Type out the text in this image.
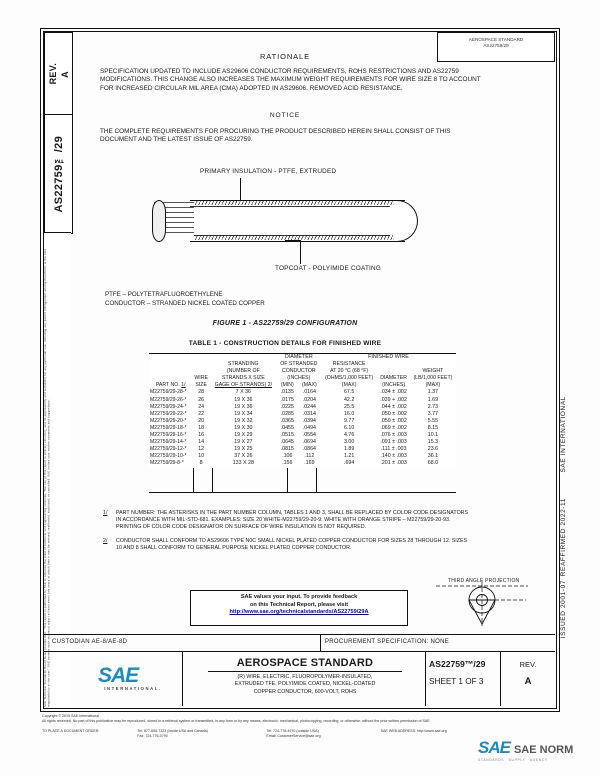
REV. A
AS22759™/29
SAE Technical Standards Board Rules provide that: “This report is published by SAE to advance the state of technical and engineering sciences. The use of this report is entirely voluntary, and its applicability and suitability for any particular use, including any patent infringement arising therefrom, is the sole responsibility of the user.” SAE reviews each technical report at least every five years at which time it may be revised, reaffirmed, stabilized, or cancelled. SAE invites your written comments and suggestions.	SAE INTERNATIONAL
REAFFIRMED 2022-11
ISSUED 2001-07
AEROSPACE STANDARD
AS22759/29
RATIONALE
SPECIFICATION UPDATED TO INCLUDE AS29606 CONDUCTOR REQUIREMENTS, ROHS RESTRICTIONS AND AS22759 MODIFICATIONS. THIS CHANGE ALSO INCREASES THE MAXIMUM WEIGHT REQUIREMENTS FOR WIRE SIZE 8 TO ACCOUNT FOR INCREASED CIRCULAR MIL AREA (CMA) ADOPTED IN AS29606. REMOVED ACID RESISTANCE.
NOTICE
THE COMPLETE REQUIREMENTS FOR PROCURING THE PRODUCT DESCRIBED HEREIN SHALL CONSIST OF THIS DOCUMENT AND THE LATEST ISSUE OF AS22759.
PRIMARY INSULATION - PTFE, EXTRUDED
TOPCOAT - POLYIMIDE COATING
PTFE – POLYTETRAFLUOROETHYLENE
CONDUCTOR – STRANDED NICKEL COATED COPPER
FIGURE 1 - AS22759/29 CONFIGURATION
TABLE 1 - CONSTRUCTION DETAILS FOR FINISHED WIRE
			DIAMETER		FINISHED WIRE		
		STRANDING
(NUMBER OF
STRANDS X SIZE
GAGE OF STRANDS) 2/	OF STRANDED		RESISTANCE
AT 20 °C (68 °F)		
			CONDUCTOR				WEIGHT
(LB/1,000 FEET)
	WIRE		(INCHES)		(OHMS/1,000 FEET)	DIAMETER	
PART NO. 1/	SIZE		(MIN)	(MAX)	(MAX)	(INCHES)	(MAX)
M22759/29-28-*	28	7 X 36	.0135	.0164	67.5	.034 ± .002	1.37
M22759/29-26-*	26	19 X 36	.0175	.0204	42.2	.039 + .002	1.69
M22759/29-24-*	24	19 X 36	.0225	.0244	25.5	.044 ± .002	2.73
M22759/29-22-*	22	19 X 34	.0285	.0314	16.0	.050 ± .002	3.77
M22759/29-20-*	20	19 X 32	.0365	.0394	9.77	.059 ± .002	5.55
M22759/29-18-*	18	19 X 30	.0455	.0494	6.10	.069 ± .002	8.15
M22759/29-16-*	16	19 X 29	.0515	.0554	4.76	.076 ± .003	10.1
M22759/29-14-*	14	19 X 27	.0645	.0694	3.00	.091 ± .003	15.3
M22759/29-12-*	12	19 X 25	.0815	.0864	1.89	.111 ± .003	23.6
M22759/29-10-*	10	37 X 26	.106	.112	1.21	.140 ± .003	36.1
M22759/29-8-*	8	133 X 28	.156	.169	.694	.201 ± .003	68.0
1/	PART NUMBER: THE ASTERISKS IN THE PART NUMBER COLUMN, TABLES 1 AND 3, SHALL BE REPLACED BY COLOR CODE DESIGNATORS IN ACCORDANCE WITH MIL-STD-681. EXAMPLES: SIZE 20 WHITE-M22759/29-20-9; WHITE WITH ORANGE STRIPE – M22759/29-20-93. PRINTING OF COLOR CODE DESIGNATOR ON SURFACE OF WIRE INSULATION IS NOT REQUIRED.
2/	CONDUCTOR SHALL CONFORM TO AS29606 TYPE N0C SMALL NICKEL PLATED COPPER CONDUCTOR FOR SIZES 28 THROUGH 12. SIZES 10 AND 8 SHALL CONFORM TO GENERAL PURPOSE NICKEL PLATED COPPER CONDUCTOR.
SAE values your input. To provide feedback
on this Technical Report, please visit
http://www.sae.org/technicalstandards/AS22759/29A
THIRD ANGLE PROJECTION
CUSTODIAN AE-8/AE-8D	PROCUREMENT SPECIFICATION: NONE
SAE
INTERNATIONAL.
AEROSPACE STANDARD
(R) WIRE, ELECTRIC, FLUOROPOLYMER-INSULATED,
EXTRUDED TFE, POLYIMIDE COATED, NICKEL-COATED
COPPER CONDUCTOR, 600-VOLT, ROHS
AS22759™/29
SHEET 1 OF 3
REV.
A
Copyright © 2015 SAE International
All rights reserved. No part of this publication may be reproduced, stored in a retrieval system or transmitted, in any form or by any means, electronic, mechanical, photocopying, recording, or otherwise, without the prior written permission of SAE.
TO PLACE A DOCUMENT ORDER:	Tel: 877-606-7323 (inside USA and Canada)
Fax: 724-776-0790
Tel: 724-776-4970 (outside USA)
Email: CustomerService@sae.org
SAE WEB ADDRESS: http://www.sae.org
SAE SAE NORM
STANDARDS   SUPPLY   AGENCY
